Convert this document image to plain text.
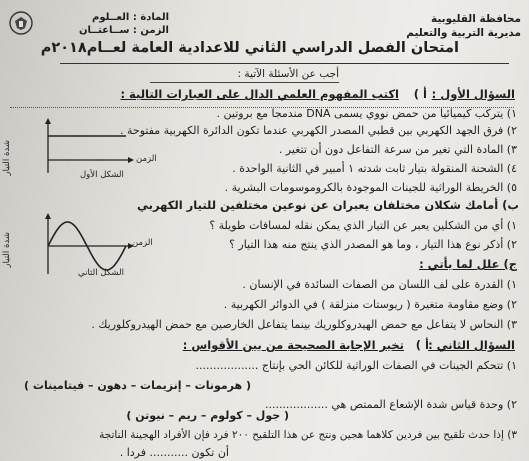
محافظة القليوبية
مديرية التربية والتعليم
المادة : العــلوم
الزمن : ســاعتــان
امتحان الفصل الدراسي الثاني للاعدادية العامة لعــام٢٠١٨م
أجب عن الأسئلة الآتية :
السؤال الأول :
أ )
اكتب المفهوم العلمي الدال على العبارات التالية :
١) يتركب كيميائيا من حمض نووي يسمى DNA مندمجا مع بروتين .
٢) فرق الجهد الكهربي بين قطبي المصدر الكهربي عندما تكون الدائرة الكهربية مفتوحة .
٣) المادة التي تغير من سرعة التفاعل دون أن تتغير .
٤) الشحنة المنقولة بتيار ثابت شدته ١ أمبير في الثانية الواحدة .
٥) الخريطة الوراثية للجينات الموجودة بالكروموسومات البشرية .
ب) أمامك شكلان مختلفان يعبران عن نوعين مختلفين للتيار الكهربي
١) أي من الشكلين يعبر عن التيار الذي يمكن نقله لمسافات طويلة ؟
٢) أذكر نوع هذا التيار ، وما هو المصدر الذي ينتج منه هذا التيار ؟
ج) علل لما يأتي :
١) القدرة على لف اللسان من الصفات السائدة في الإنسان .
٢) وضع مقاومة متغيرة ( ريوستات منزلقة ) في الدوائر الكهربية .
٣) النحاس لا يتفاعل مع حمض الهيدروكلوريك بينما يتفاعل الخارصين مع حمض الهيدروكلوريك .
السؤال الثاني :
أ )
تخير الإجابة الصحيحة من بين الأقواس :
١) تتحكم الجينات في الصفات الوراثية للكائن الحي بإنتاج ..................
( هرمونات – إنزيمات – دهون – فيتامينات )
٢) وحدة قياس شدة الإشعاع الممتص هي ..................
( جول – كولوم – ريم – نيوتن )
٣) إذا حدث تلقيح بين فردين كلاهما هجين ونتج عن هذا التلقيح ٢٠٠ فرد فإن الأفراد الهجينة الناتجة
أن تكون ........... فردا .
شدة التيار	الزمن
الشكل الأول
شدة التيار	الزمن
الشكل الثاني
